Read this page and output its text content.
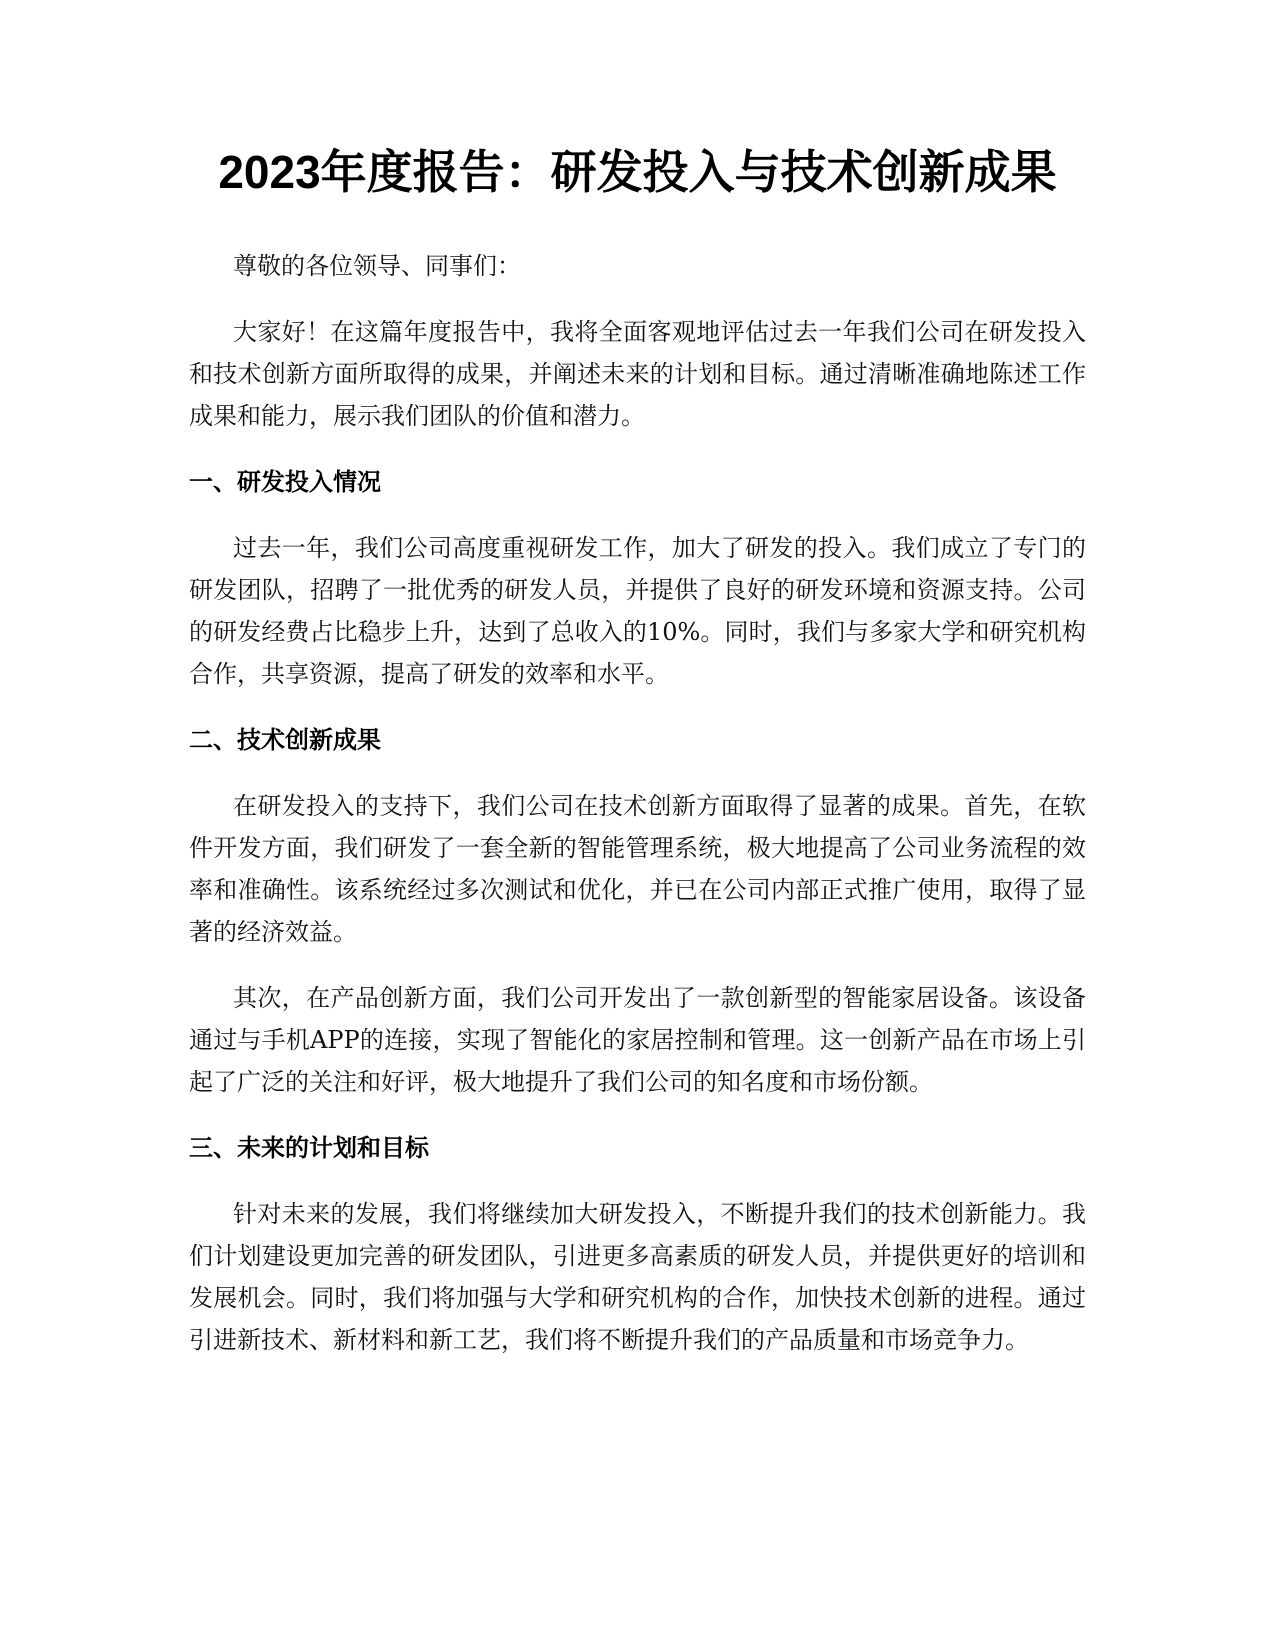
2023年度报告：研发投入与技术创新成果

尊敬的各位领导、同事们：

大家好！在这篇年度报告中，我将全面客观地评估过去一年我们公司在研发投入和技术创新方面所取得的成果，并阐述未来的计划和目标。通过清晰准确地陈述工作成果和能力，展示我们团队的价值和潜力。

一、研发投入情况

过去一年，我们公司高度重视研发工作，加大了研发的投入。我们成立了专门的研发团队，招聘了一批优秀的研发人员，并提供了良好的研发环境和资源支持。公司的研发经费占比稳步上升，达到了总收入的10%。同时，我们与多家大学和研究机构合作，共享资源，提高了研发的效率和水平。

二、技术创新成果

在研发投入的支持下，我们公司在技术创新方面取得了显著的成果。首先，在软件开发方面，我们研发了一套全新的智能管理系统，极大地提高了公司业务流程的效率和准确性。该系统经过多次测试和优化，并已在公司内部正式推广使用，取得了显著的经济效益。

其次，在产品创新方面，我们公司开发出了一款创新型的智能家居设备。该设备通过与手机APP的连接，实现了智能化的家居控制和管理。这一创新产品在市场上引起了广泛的关注和好评，极大地提升了我们公司的知名度和市场份额。

三、未来的计划和目标

针对未来的发展，我们将继续加大研发投入，不断提升我们的技术创新能力。我们计划建设更加完善的研发团队，引进更多高素质的研发人员，并提供更好的培训和发展机会。同时，我们将加强与大学和研究机构的合作，加快技术创新的进程。通过引进新技术、新材料和新工艺，我们将不断提升我们的产品质量和市场竞争力。
